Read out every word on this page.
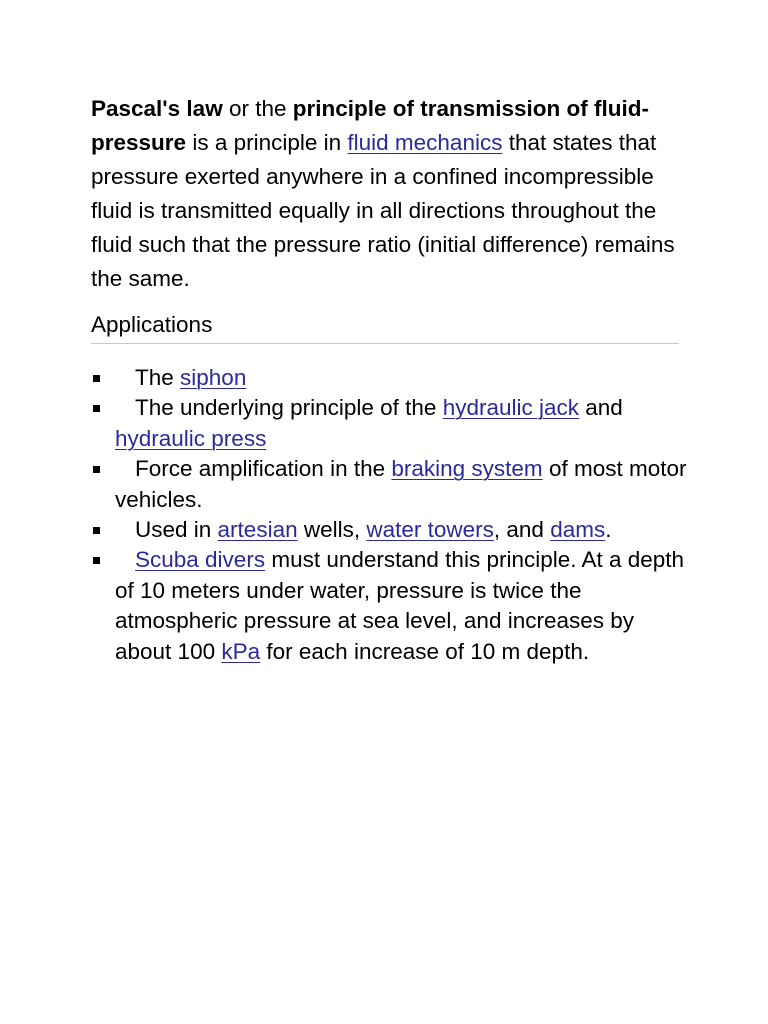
Pascal's law or the principle of transmission of fluid-pressure is a principle in fluid mechanics that states that pressure exerted anywhere in a confined incompressible fluid is transmitted equally in all directions throughout the fluid such that the pressure ratio (initial difference) remains the same.

Applications
The siphon
The underlying principle of the hydraulic jack and hydraulic press
Force amplification in the braking system of most motor vehicles.
Used in artesian wells, water towers, and dams.
Scuba divers must understand this principle. At a depth of 10 meters under water, pressure is twice the atmospheric pressure at sea level, and increases by about 100 kPa for each increase of 10 m depth.
